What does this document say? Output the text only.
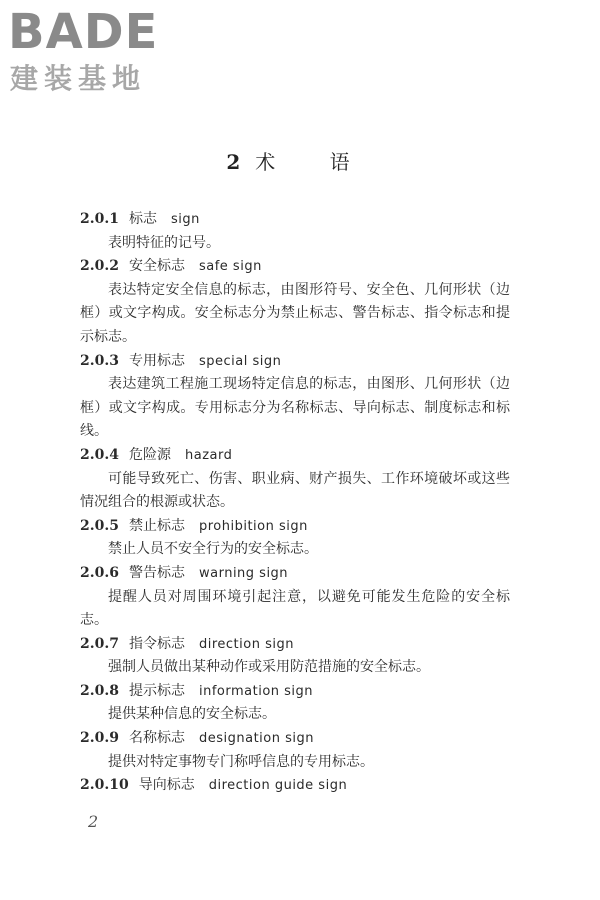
BADE
建装基地
2 术 语
2.0.1 标志 sign
表明特征的记号。
2.0.2 安全标志 safe sign
表达特定安全信息的标志，由图形符号、安全色、几何形状（边框）或文字构成。安全标志分为禁止标志、警告标志、指令标志和提示标志。
2.0.3 专用标志 special sign
表达建筑工程施工现场特定信息的标志，由图形、几何形状（边框）或文字构成。专用标志分为名称标志、导向标志、制度标志和标线。
2.0.4 危险源 hazard
可能导致死亡、伤害、职业病、财产损失、工作环境破坏或这些情况组合的根源或状态。
2.0.5 禁止标志 prohibition sign
禁止人员不安全行为的安全标志。
2.0.6 警告标志 warning sign
提醒人员对周围环境引起注意，以避免可能发生危险的安全标志。
2.0.7 指令标志 direction sign
强制人员做出某种动作或采用防范措施的安全标志。
2.0.8 提示标志 information sign
提供某种信息的安全标志。
2.0.9 名称标志 designation sign
提供对特定事物专门称呼信息的专用标志。
2.0.10 导向标志 direction guide sign
2
